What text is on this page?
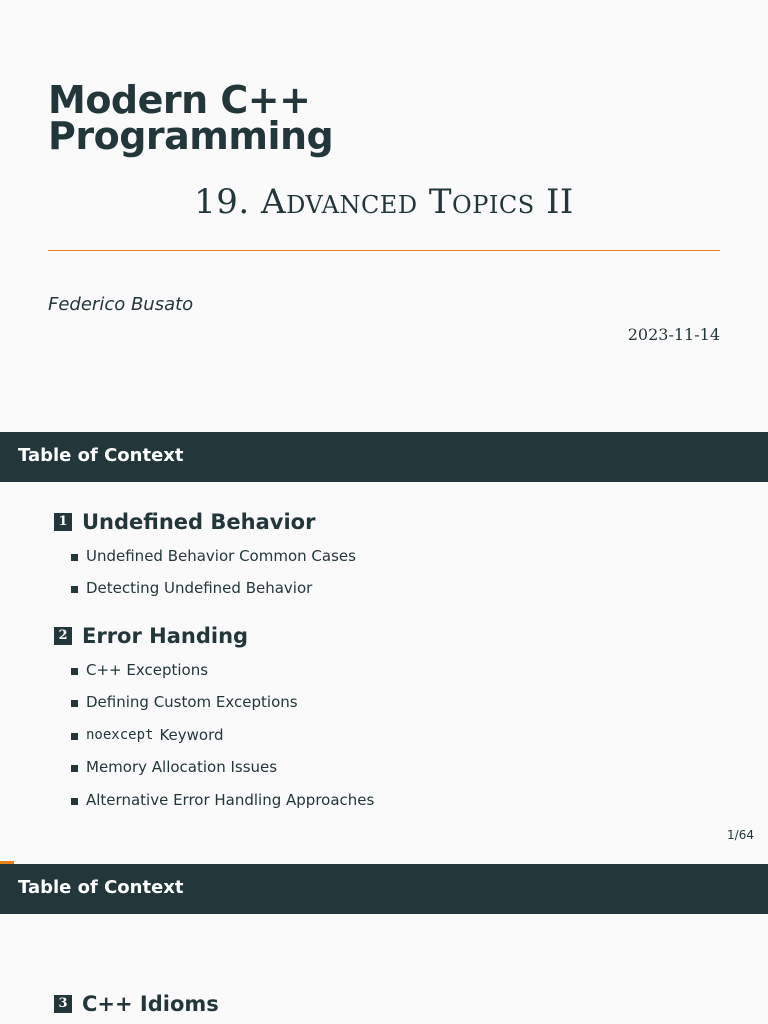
Modern C++
Programming
19. Advanced Topics II
Federico Busato
2023-11-14
Table of Context
1 Undefined Behavior
Undefined Behavior Common Cases
Detecting Undefined Behavior
2 Error Handing
C++ Exceptions
Defining Custom Exceptions
noexcept Keyword
Memory Allocation Issues
Alternative Error Handling Approaches
1/64
Table of Context
3 C++ Idioms
